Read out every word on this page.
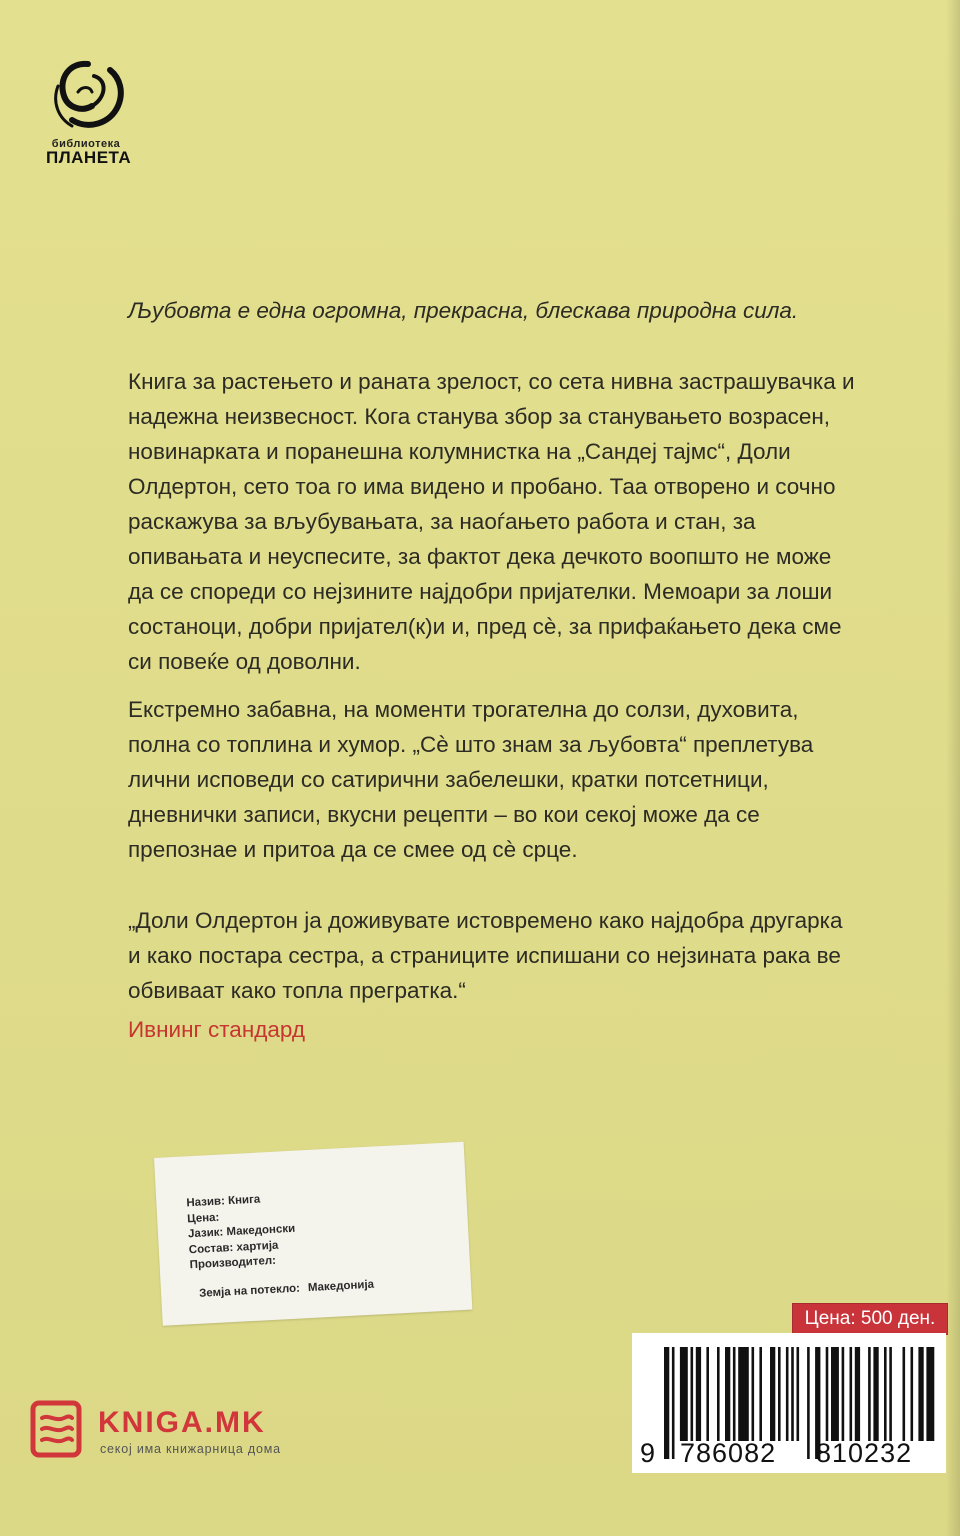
библиотека
ПЛАНЕТА

Љубовта е една огромна, прекрасна, блескава природна сила.

Книга за растењето и раната зрелост, со сета нивна застрашувачка и надежна неизвесност. Кога станува збор за станувањето возрасен, новинарката и поранешна колумнистка на „Сандеј тајмс“, Доли Олдертон, сето тоа го има видено и пробано. Таа отворено и сочно раскажува за вљубувањата, за наоѓањето работа и стан, за опивањата и неуспесите, за фактот дека дечкото воопшто не може да се спореди со нејзините најдобри пријателки. Мемоари за лоши состаноци, добри пријател(к)и и, пред сѐ, за прифаќањето дека сме си повеќе од доволни.

Екстремно забавна, на моменти трогателна до солзи, духовита, полна со топлина и хумор. „Сѐ што знам за љубовта“ преплетува лични исповеди со сатирични забелешки, кратки потсетници, дневнички записи, вкусни рецепти – во кои секој може да се препознае и притоа да се смее од сѐ срце.

„Доли Олдертон ја доживувате истовремено како најдобра другарка и како постара сестра, а страниците испишани со нејзината рака ве обвиваат како топла прегратка.“

Ивнинг стандард
Назив: Книга
Цена:
Јазик: Македонски
Состав: хартија
Производител:
Земја на потекло: Македонија
Цена: 500 ден.
9 786082 810232
KNIGA.MK
секој има книжарница дома
